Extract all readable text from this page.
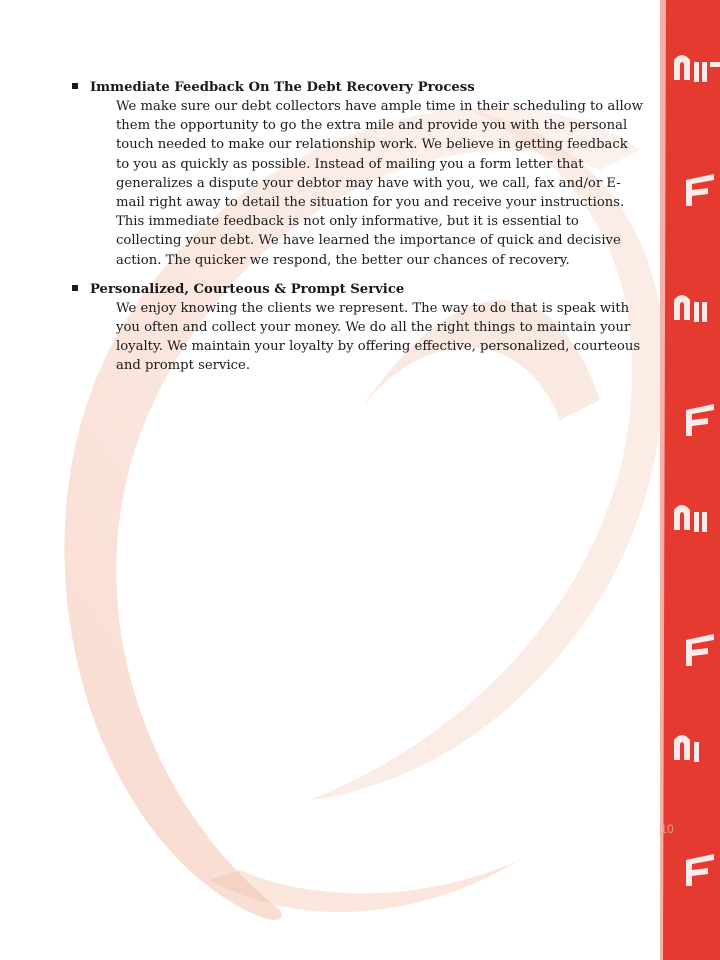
Immediate Feedback On The Debt Recovery Process
We make sure our debt collectors have ample time in their scheduling to allow them the opportunity to go the extra mile and provide you with the personal touch needed to make our relationship work. We believe in getting feedback to you as quickly as possible. Instead of mailing you a form letter that generalizes a dispute your debtor may have with you, we call, fax and/or E-mail right away to detail the situation for you and receive your instructions. This immediate feedback is not only informative, but it is essential to collecting your debt. We have learned the importance of quick and decisive action. The quicker we respond, the better our chances of recovery.
Personalized, Courteous & Prompt Service
We enjoy knowing the clients we represent. The way to do that is speak with you often and collect your money. We do all the right things to maintain your loyalty. We maintain your loyalty by offering effective, personalized, courteous and prompt service.
10
